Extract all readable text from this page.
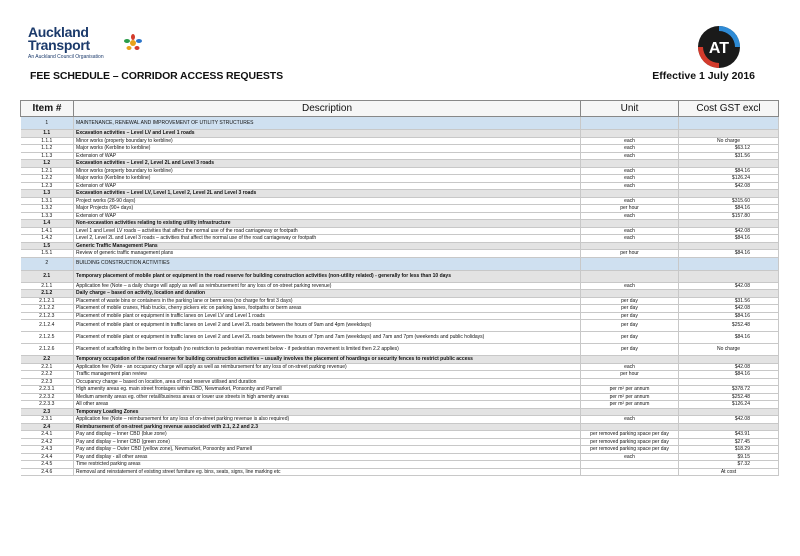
Auckland
Transport
An Auckland Council Organisation	AT
FEE SCHEDULE – CORRIDOR ACCESS REQUESTS	Effective 1 July 2016
Item #	Description	Unit	Cost GST excl
1	MAINTENANCE, RENEWAL AND IMPROVEMENT OF UTILITY STRUCTURES		
1.1	Excavation activities – Level LV and Level 1 roads		
1.1.1	Minor works (property boundary to kerbline)	each	No charge
1.1.2	Major works (Kerbline to kerbline)	each	$63.12
1.1.3	Extension of WAP	each	$31.56
1.2	Excavation activities – Level 2, Level 2L and Level 3 roads		
1.2.1	Minor works (property boundary to kerbline)	each	$84.16
1.2.2	Major works (Kerbline to kerbline)	each	$126.24
1.2.3	Extension of WAP	each	$42.08
1.3	Excavation activities – Level LV, Level 1, Level 2, Level 2L and Level 3 roads		
1.3.1	Project works (28-90 days)	each	$315.60
1.3.2	Major Projects (90+ days)	per hour	$84.16
1.3.3	Extension of WAP	each	$157.80
1.4	Non-excavation activities relating to existing utility infrastructure		
1.4.1	Level 1 and Level LV roads – activities that affect the normal use of the road carriageway or footpath	each	$42.08
1.4.2	Level 2, Level 2L and Level 3 roads – activities that affect the normal use of the road carriageway or footpath	each	$84.16
1.5	Generic Traffic Management Plans		
1.5.1	Review of generic traffic management plans	per hour	$84.16
2	BUILDING CONSTRUCTION ACTIVITIES		
2.1	Temporary placement of mobile plant or equipment in the road reserve for building construction activities (non-utility related) - generally for less than 10 days		
2.1.1	Application fee (Note – a daily charge will apply as well as reimbursement for any loss of on-street parking revenue)	each	$42.08
2.1.2	Daily charge – based on activity, location and duration		
2.1.2.1	Placement of waste bins or containers in the parking lane or berm area (no charge for first 3 days)	per day	$31.56
2.1.2.2	Placement of mobile cranes, Hiab trucks, cherry pickers etc on parking lanes, footpaths or berm areas	per day	$42.08
2.1.2.3	Placement of mobile plant or equipment in traffic lanes on Level LV and Level 1 roads	per day	$84.16
2.1.2.4	Placement of mobile plant or equipment in traffic lanes on Level 2 and Level 2L roads between the hours of 9am and 4pm (weekdays)	per day	$252.48
2.1.2.5	Placement of mobile plant or equipment in traffic lanes on Level 2 and Level 2L roads between the hours of 7pm and 7am (weekdays) and 7am and 7pm (weekends and public holidays)	per day	$84.16
2.1.2.6	Placement of scaffolding in the berm or footpath (no restriction to pedestrian movement below - if pedestrian movement is limited then 2.2 applies)	per day	No charge
2.2	Temporary occupation of the road reserve for building construction activities – usually involves the placement of hoardings or security fences to restrict public access		
2.2.1	Application fee (Note - an occupancy charge will apply as well as reimbursement for any loss of on-street parking revenue)	each	$42.08
2.2.2	Traffic management plan review	per hour	$84.16
2.2.3	Occupancy charge – based on location, area of road reserve utilised and duration		
2.2.3.1	High amenity areas eg. main street frontages within CBD, Newmarket, Ponsonby and Parnell	per m² per annum	$378.72
2.2.3.2	Medium amenity areas eg. other retail/business areas or lower use streets in high amenity areas	per m² per annum	$252.48
2.2.3.3	All other areas	per m² per annum	$126.24
2.3	Temporary Loading Zones		
2.3.1	Application fee (Note – reimbursement for any loss of on-street parking revenue is also required)	each	$42.08
2.4	Reimbursement of on-street parking revenue associated with 2.1, 2.2 and 2.3		
2.4.1	Pay and display – Inner CBD (blue zone)	per removed parking space per day	$43.91
2.4.2	Pay and display – Inner CBD (green zone)	per removed parking space per day	$27.45
2.4.3	Pay and display – Outer CBD (yellow zone), Newmarket, Ponsonby and Parnell	per removed parking space per day	$18.29
2.4.4	Pay and display - all other areas	each	$9.15
2.4.5	Time restricted parking areas		$7.32
2.4.6	Removal and reinstatement of existing street furniture eg. bins, seats, signs, line marking etc		At cost
